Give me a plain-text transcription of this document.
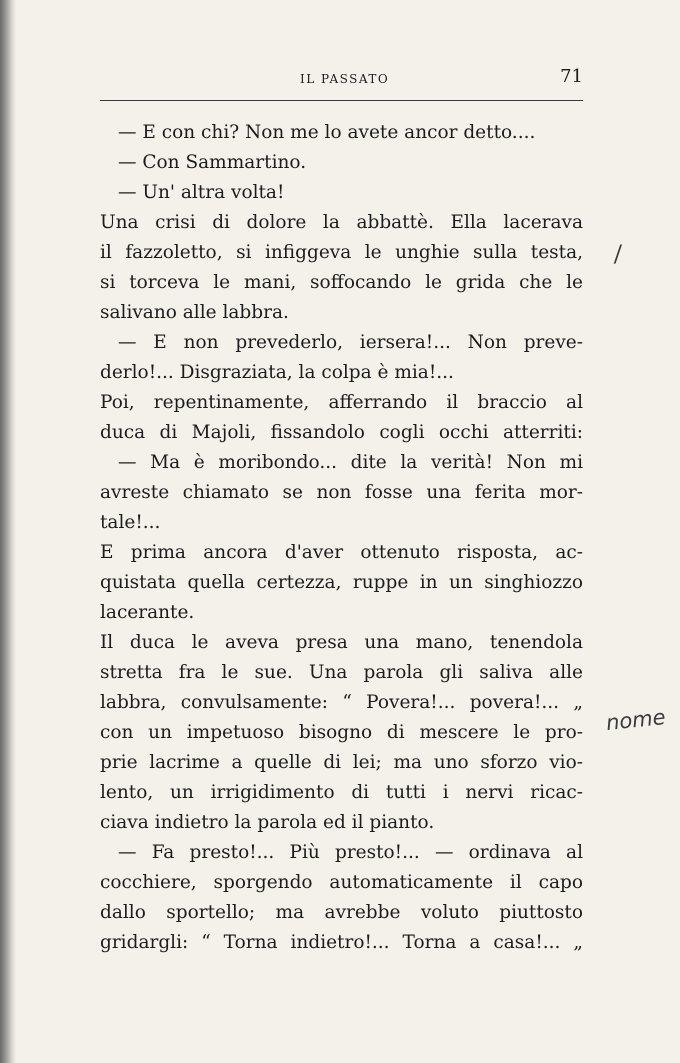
IL PASSATO	71
— E con chi? Non me lo avete ancor detto....
— Con Sammartino.
— Un' altra volta!
Una crisi di dolore la abbattè. Ella lacerava
il fazzoletto, si infiggeva le unghie sulla testa,
si torceva le mani, soffocando le grida che le
salivano alle labbra.
— E non prevederlo, iersera!... Non preve-
derlo!... Disgraziata, la colpa è mia!...
Poi, repentinamente, afferrando il braccio al
duca di Majoli, fissandolo cogli occhi atterriti:
— Ma è moribondo... dite la verità! Non mi
avreste chiamato se non fosse una ferita mor-
tale!...
E prima ancora d'aver ottenuto risposta, ac-
quistata quella certezza, ruppe in un singhiozzo
lacerante.
Il duca le aveva presa una mano, tenendola
stretta fra le sue. Una parola gli saliva alle
labbra, convulsamente: “ Povera!... povera!... „
con un impetuoso bisogno di mescere le pro-
prie lacrime a quelle di lei; ma uno sforzo vio-
lento, un irrigidimento di tutti i nervi ricac-
ciava indietro la parola ed il pianto.
— Fa presto!... Più presto!... — ordinava al
cocchiere, sporgendo automaticamente il capo
dallo sportello; ma avrebbe voluto piuttosto
gridargli: “ Torna indietro!... Torna a casa!... „
/
nome
